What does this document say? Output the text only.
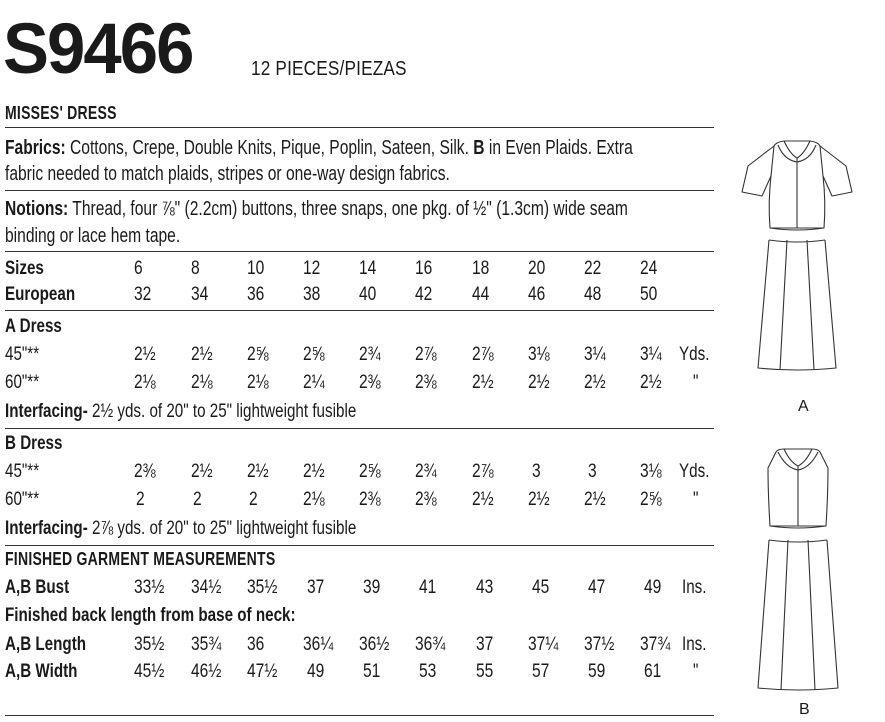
S9466	12 PIECES/PIEZAS
MISSES' DRESS
Fabrics: Cottons, Crepe, Double Knits, Pique, Poplin, Sateen, Silk. B in Even Plaids. Extra
fabric needed to match plaids, stripes or one-way design fabrics.
Notions: Thread, four ⅞" (2.2cm) buttons, three snaps, one pkg. of ½" (1.3cm) wide seam
binding or lace hem tape.
Sizes	6	8 10 12 14 16 18 20 22 24
European	32 34 36 38 40 42 44 46 48 50
A Dress
45"**	2½ 2½ 2⅝ 2⅝ 2¾ 2⅞ 2⅞ 3⅛ 3¼ 3¼ Yds.
60"**	2⅛ 2⅛ 2⅛ 2¼ 2⅜ 2⅜ 2½ 2½ 2½ 2½ "
Interfacing- 2½ yds. of 20" to 25" lightweight fusible
B Dress
45"**	2⅜ 2½ 2½ 2½ 2⅝ 2¾ 2⅞ 3 3 3⅛ Yds.
60"**	2	2 2 2⅛ 2⅜ 2⅜ 2½ 2½ 2½ 2⅝ "
Interfacing- 2⅞ yds. of 20" to 25" lightweight fusible
FINISHED GARMENT MEASUREMENTS
A,B Bust	33½ 34½ 35½ 37 39 41 43 45 47 49 Ins.
Finished back length from base of neck:
A,B Length	35½ 35¾ 36 36¼ 36½ 36¾ 37 37¼ 37½ 37¾ Ins.
A,B Width	45½ 46½ 47½ 49 51 53 55 57 59 61 "
A
B
